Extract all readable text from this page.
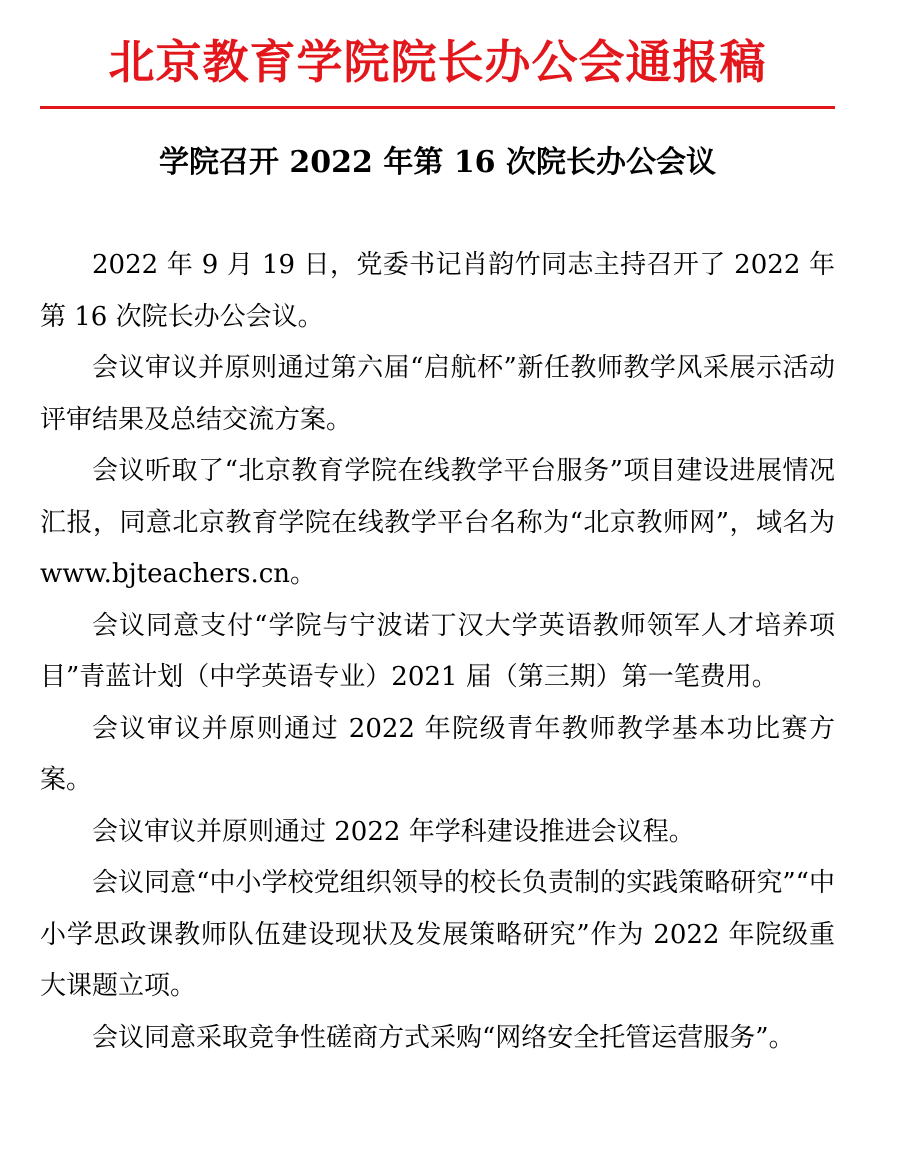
北京教育学院院长办公会通报稿
学院召开 2022 年第 16 次院长办公会议

2022 年 9 月 19 日，党委书记肖韵竹同志主持召开了 2022 年第 16 次院长办公会议。

会议审议并原则通过第六届“启航杯”新任教师教学风采展示活动评审结果及总结交流方案。

会议听取了“北京教育学院在线教学平台服务”项目建设进展情况汇报，同意北京教育学院在线教学平台名称为“北京教师网”，域名为 www.bjteachers.cn。

会议同意支付“学院与宁波诺丁汉大学英语教师领军人才培养项目”青蓝计划（中学英语专业）2021 届（第三期）第一笔费用。

会议审议并原则通过 2022 年院级青年教师教学基本功比赛方案。

会议审议并原则通过 2022 年学科建设推进会议程。

会议同意“中小学校党组织领导的校长负责制的实践策略研究”“中小学思政课教师队伍建设现状及发展策略研究”作为 2022 年院级重大课题立项。

会议同意采取竞争性磋商方式采购“网络安全托管运营服务”。
